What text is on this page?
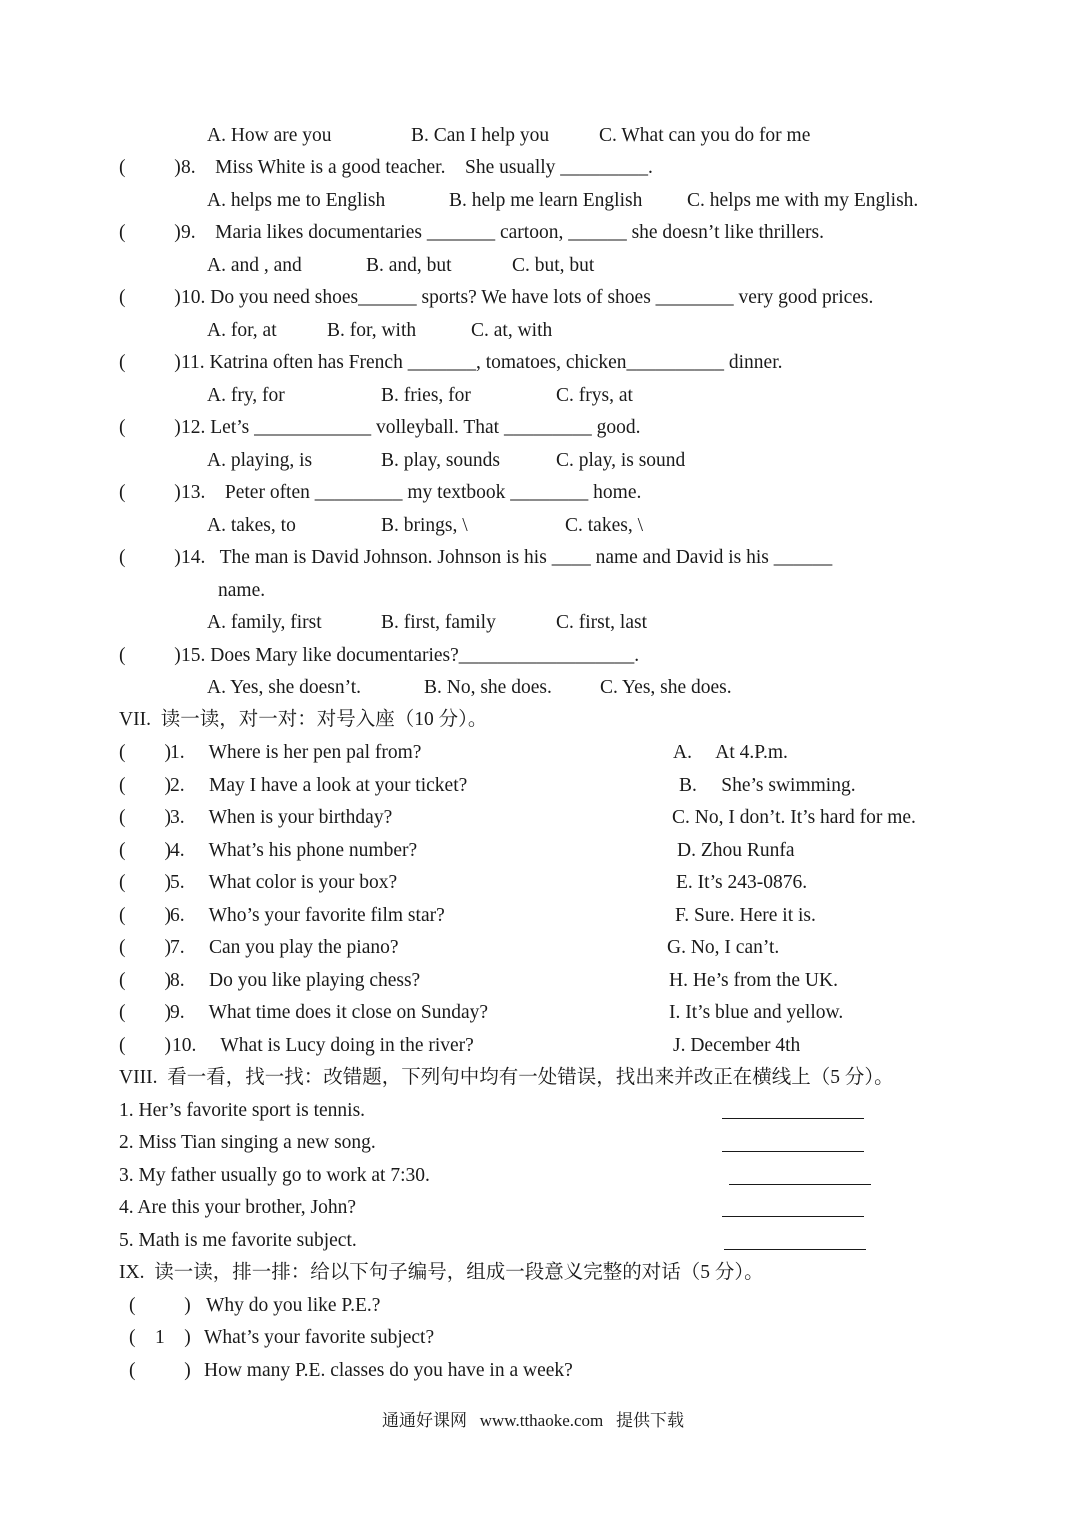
A. How are you	B. Can I help you	C. What can you do for me
(          ) 8.    Miss White is a good teacher.    She usually _________.
A. helps me to English	B. help me learn English C. helps me with my English.
(          ) 9.    Maria likes documentaries _______ cartoon, ______ she doesn’t like thrillers.
A. and , and	B. and, but	C. but, but
(          ) 10. Do you need shoes______ sports? We have lots of shoes ________ very good prices.
A. for, at	B. for, with	C. at, with
(          ) 11. Katrina often has French _______, tomatoes, chicken__________ dinner.
A. fry, for	B. fries, for	C. frys, at
(          ) 12. Let’s ____________ volleyball. That _________ good.
A. playing, is	B. play, sounds	C. play, is sound
(          ) 13.    Peter often _________ my textbook ________ home.
A. takes, to	B. brings, \	C. takes, \
(          ) 14.   The man is David Johnson. Johnson is his ____ name and David is his ______
name.
A. family, first	B. first, family	C. first, last
(          ) 15. Does Mary like documentaries?__________________.
A. Yes, she doesn’t.	B. No, she does. C. Yes, she does.
VII.  读一读，对一对：对号入座（10 分）。
(        ) 1.     Where is her pen pal from?	A.     At 4.P.m.
(        ) 2.     May I have a look at your ticket?	B.     She’s swimming.
(        ) 3.     When is your birthday?	C. No, I don’t. It’s hard for me.
(        ) 4.     What’s his phone number?	D. Zhou Runfa
(        ) 5.     What color is your box?	E. It’s 243-0876.
(        ) 6.     Who’s your favorite film star?	F. Sure. Here it is.
(        ) 7.     Can you play the piano?	G. No, I can’t.
(        ) 8.     Do you like playing chess?	H. He’s from the UK.
(        ) 9.     What time does it close on Sunday?	I. It’s blue and yellow.
(        ) 10.     What is Lucy doing in the river?	J. December 4th
VIII.  看一看，找一找：改错题，下列句中均有一处错误，找出来并改正在横线上（5 分）。
1. Her’s favorite sport is tennis.
2. Miss Tian singing a new song.
3. My father usually go to work at 7:30.
4. Are this your brother, John?
5. Math is me favorite subject.
IX.  读一读，排一排：给以下句子编号，组成一段意义完整的对话（5 分）。
(          ) Why do you like P.E.?
(    1    ) What’s your favorite subject?
(          ) How many P.E. classes do you have in a week?
通通好课网   www.tthaoke.com   提供下载
